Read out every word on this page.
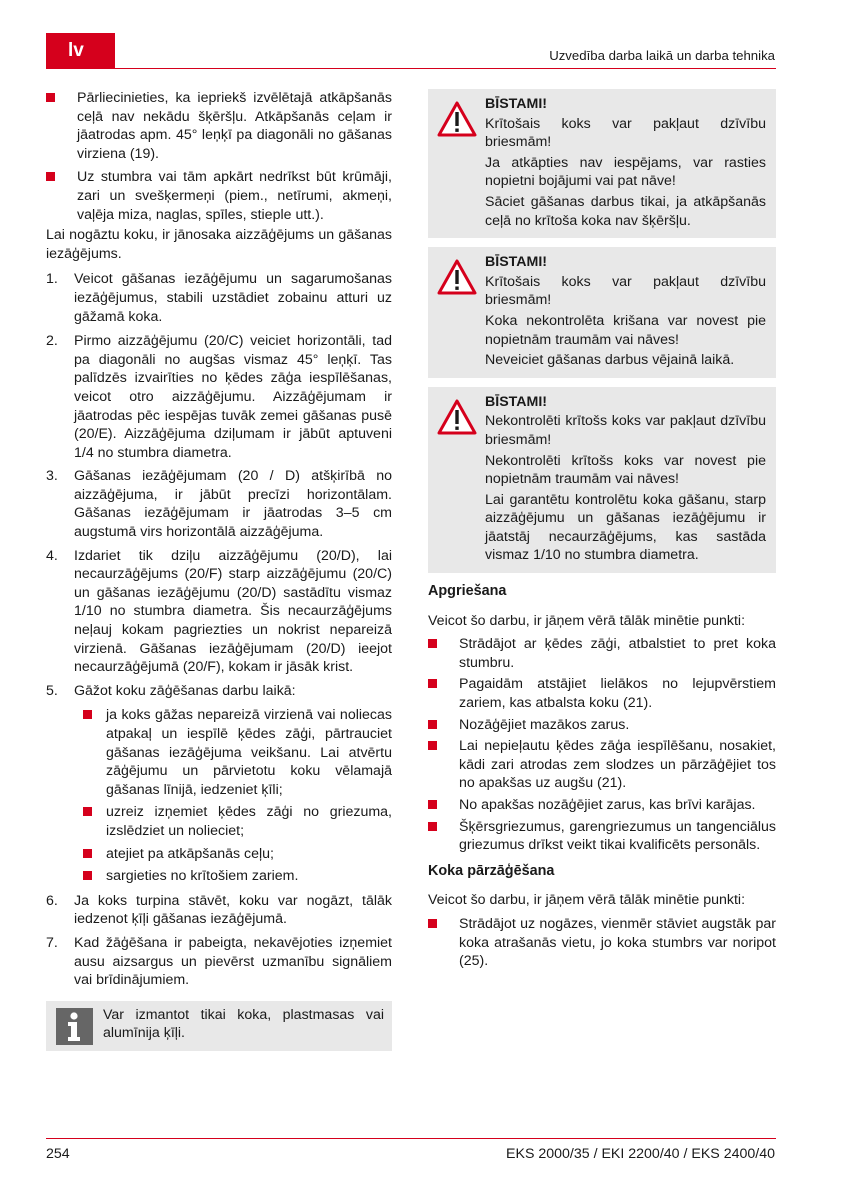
lv	Uzvedība darba laikā un darba tehnika
Pārliecinieties, ka iepriekš izvēlētajā atkāpšanās ceļā nav nekādu šķēršļu. Atkāpšanās ceļam ir jāatrodas apm. 45° leņķī pa diagonāli no gāšanas virziena (19).
Uz stumbra vai tām apkārt nedrīkst būt krūmāji, zari un svešķermeņi (piem., netīrumi, akmeņi, vaļēja miza, naglas, spīles, stieple utt.).

Lai nogāztu koku, ir jānosaka aizzāģējums un gāšanas iezāģējums.

1. Veicot gāšanas iezāģējumu un sagarumošanas iezāģējumus, stabili uzstādiet zobainu atturi uz gāžamā koka.
2. Pirmo aizzāģējumu (20/C) veiciet horizontāli, tad pa diagonāli no augšas vismaz 45° leņķī. Tas palīdzēs izvairīties no ķēdes zāģa iespīlēšanas, veicot otro aizzāģējumu. Aizzāģējumam ir jāatrodas pēc iespējas tuvāk zemei gāšanas pusē (20/E). Aizzāģējuma dziļumam ir jābūt aptuveni 1/4 no stumbra diametra.
3. Gāšanas iezāģējumam (20 / D) atšķirībā no aizzāģējuma, ir jābūt precīzi horizontālam. Gāšanas iezāģējumam ir jāatrodas 3–5 cm augstumā virs horizontālā aizzāģējuma.
4. Izdariet tik dziļu aizzāģējumu (20/D), lai necaurzāģējums (20/F) starp aizzāģējumu (20/C) un gāšanas iezāģējumu (20/D) sastādītu vismaz 1/10 no stumbra diametra. Šis necaurzāģējums neļauj kokam pagriezties un nokrist nepareizā virzienā. Gāšanas iezāģējumam (20/D) ieejot necaurzāģējumā (20/F), kokam ir jāsāk krist.
5. Gāžot koku zāģēšanas darbu laikā:
ja koks gāžas nepareizā virzienā vai noliecas atpakaļ un iespīlē ķēdes zāģi, pārtrauciet gāšanas iezāģējuma veikšanu. Lai atvērtu zāģējumu un pārvietotu koku vēlamajā gāšanas līnijā, iedzeniet ķīli;
uzreiz izņemiet ķēdes zāģi no griezuma, izslēdziet un nolieciet;
atejiet pa atkāpšanās ceļu;
sargieties no krītošiem zariem.
6. Ja koks turpina stāvēt, koku var nogāzt, tālāk iedzenot ķīļi gāšanas iezāģējumā.
7. Kad žāģēšana ir pabeigta, nekavējoties izņemiet ausu aizsargus un pievērst uzmanību signāliem vai brīdinājumiem.

Var izmantot tikai koka, plastmasas vai alumīnija ķīļi.

BĪSTAMI!

Krītošais koks var pakļaut dzīvību briesmām!

Ja atkāpties nav iespējams, var rasties nopietni bojājumi vai pat nāve!

Sāciet gāšanas darbus tikai, ja atkāpšanās ceļā no krītoša koka nav šķēršļu.

BĪSTAMI!

Krītošais koks var pakļaut dzīvību briesmām!

Koka nekontrolēta krišana var novest pie nopietnām traumām vai nāves!

Neveiciet gāšanas darbus vējainā laikā.

BĪSTAMI!

Nekontrolēti krītošs koks var pakļaut dzīvību briesmām!

Nekontrolēti krītošs koks var novest pie nopietnām traumām vai nāves!

Lai garantētu kontrolētu koka gāšanu, starp aizzāģējumu un gāšanas iezāģējumu ir jāatstāj necaurzāģējums, kas sastāda vismaz 1/10 no stumbra diametra.

Apgriešana

Veicot šo darbu, ir jāņem vērā tālāk minētie punkti:

Strādājot ar ķēdes zāģi, atbalstiet to pret koka stumbru.
Pagaidām atstājiet lielākos no lejupvērstiem zariem, kas atbalsta koku (21).
Nozāģējiet mazākos zarus.
Lai nepieļautu ķēdes zāģa iespīlēšanu, nosakiet, kādi zari atrodas zem slodzes un pārzāģējiet tos no apakšas uz augšu (21).
No apakšas nozāģējiet zarus, kas brīvi karājas.
Šķērsgriezumus, garengriezumus un tangenciālus griezumus drīkst veikt tikai kvalificēts personāls.
Koka pārzāģēšana

Veicot šo darbu, ir jāņem vērā tālāk minētie punkti:

Strādājot uz nogāzes, vienmēr stāviet augstāk par koka atrašanās vietu, jo koka stumbrs var noripot (25).
254	EKS 2000/35 / EKI 2200/40 / EKS 2400/40
